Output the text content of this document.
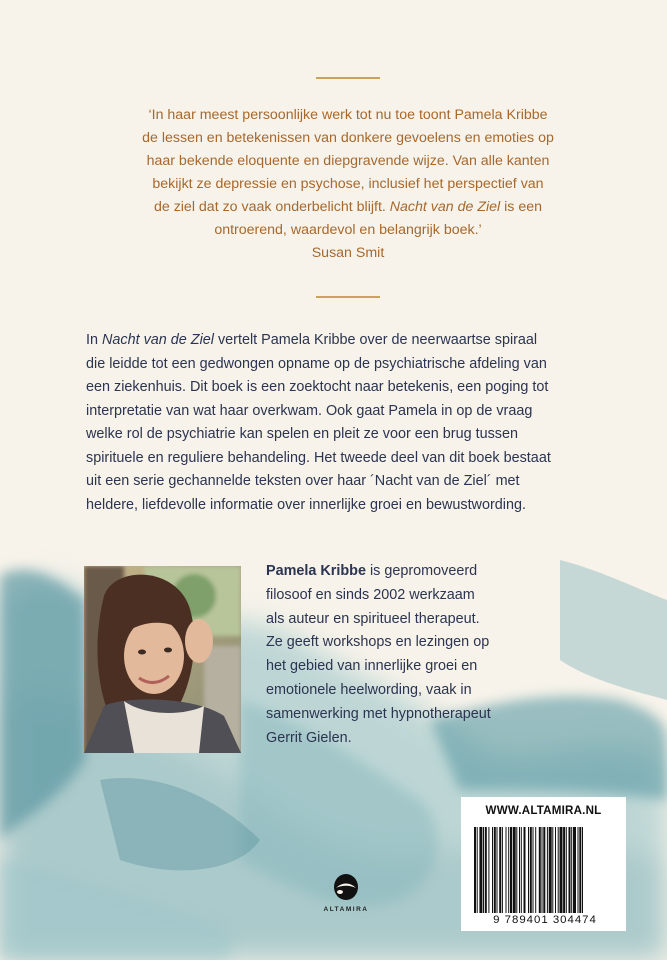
‘In haar meest persoonlijke werk tot nu toe toont Pamela Kribbe
de lessen en betekenissen van donkere gevoelens en emoties op
haar bekende eloquente en diepgravende wijze. Van alle kanten
bekijkt ze depressie en psychose, inclusief het perspectief van
de ziel dat zo vaak onderbelicht blijft. Nacht van de Ziel is een
ontroerend, waardevol en belangrijk boek.’
Susan Smit
In Nacht van de Ziel vertelt Pamela Kribbe over de neerwaartse spiraal
die leidde tot een gedwongen opname op de psychiatrische afdeling van
een ziekenhuis. Dit boek is een zoektocht naar betekenis, een poging tot
interpretatie van wat haar overkwam. Ook gaat Pamela in op de vraag
welke rol de psychiatrie kan spelen en pleit ze voor een brug tussen
spirituele en reguliere behandeling. Het tweede deel van dit boek bestaat
uit een serie gechannelde teksten over haar ´Nacht van de Ziel´ met
heldere, liefdevolle informatie over innerlijke groei en bewustwording.
Pamela Kribbe is gepromoveerd
filosoof en sinds 2002 werkzaam
als auteur en spiritueel therapeut.
Ze geeft workshops en lezingen op
het gebied van innerlijke groei en
emotionele heelwording, vaak in
samenwerking met hypnotherapeut
Gerrit Gielen.
WWW.ALTAMIRA.NL
9 789401 304474
ALTAMIRA
